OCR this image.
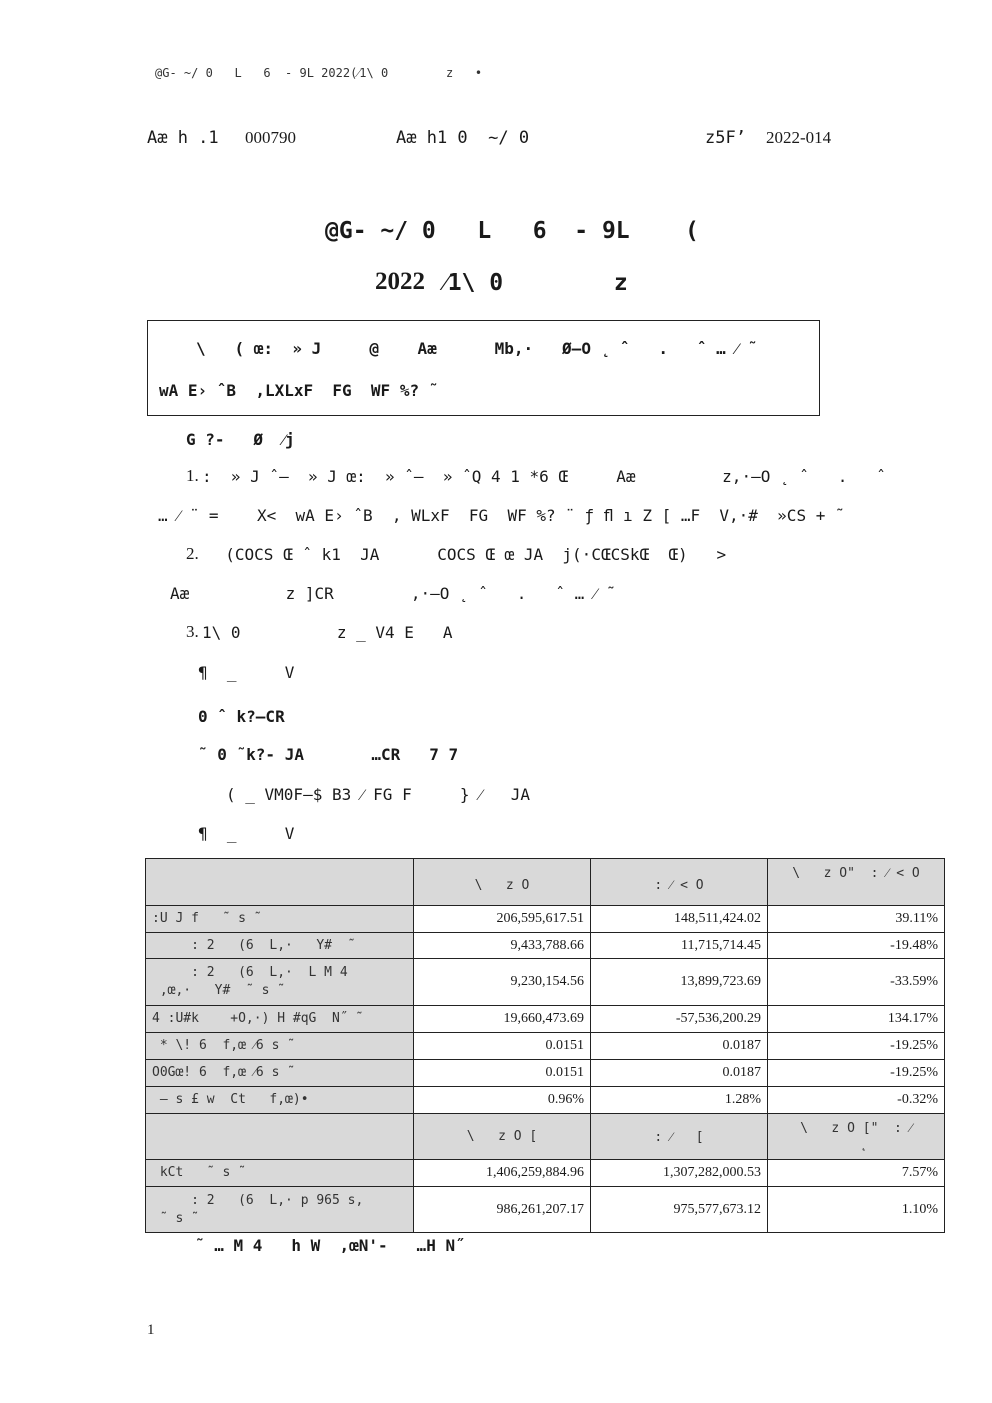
@G- ~/ 0   L   6  - 9L 2022(⁄1\ 0        z   •
Aæ h .1 000790	Aæ h1 0  ~/ 0	z5F’ 2022-014
@G- ~/ 0   L   6  - 9L    (
2022 ⁄1\ 0        z
\   ( œ:  » J     @    Aæ      Mb,·   Ø–O ˛ ˆ   .   ˆ … ⁄ ˜
wA E› ˆB  ,LXLxF  FG  WF %? ˜
G ?-   Ø  ⁄j
1. :  » J ˆ–  » J œ:  » ˆ–  » ˆQ 4 1 *6 Œ     Aæ         z,·–O ˛ ˆ   .   ˆ
… ⁄ ¨ =    X<  wA E› ˆB  , WLxF  FG  WF %? ¨ ƒ ﬂ ı Z [ …F  V,·#  »CS + ˜
2. (COCS Œ ˆ k1  JA      COCS Œ œ JA  j(·CŒCSkŒ  Œ)   >
Aæ          z ]CR        ,·–O ˛ ˆ   .   ˆ … ⁄ ˜
3. 1\ 0          z _ V4 E   A
¶  _     V
0 ˆ k?–CR
˜ 0 ˜k?- JA       …CR   7 7
( _ VM0F–$ B3 ⁄ FG F     } ⁄   JA
¶  _     V
	\   z O	: ⁄ < O	\   z O"  : ⁄ < O
:U J f   ˜ s ˜	206,595,617.51	148,511,424.02	39.11%
: 2   (6  L,·   Y#  ˜	9,433,788.66	11,715,714.45	-19.48%
: 2   (6  L,·  L M 4
,œ,·   Y#  ˜ s ˜	9,230,154.56	13,899,723.69	-33.59%
4 :U#k    +O,·) H #qG  N˝ ˜	19,660,473.69	-57,536,200.29	134.17%
* \! 6  f,œ ⁄6 s ˜	0.0151	0.0187	-19.25%
O0Gœ! 6  f,œ ⁄6 s ˜	0.0151	0.0187	-19.25%
— s £ w  Ct   f,œ)•	0.96%	1.28%	-0.32%
	\   z O [	: ⁄   [	\   z O ["  : ⁄
˛
kCt   ˜ s ˜	1,406,259,884.96	1,307,282,000.53	7.57%
: 2   (6  L,· p 965 s,
˜ s ˜	986,261,207.17	975,577,673.12	1.10%
˜ … M 4   h W  ,œN'-   …H N˝
1
